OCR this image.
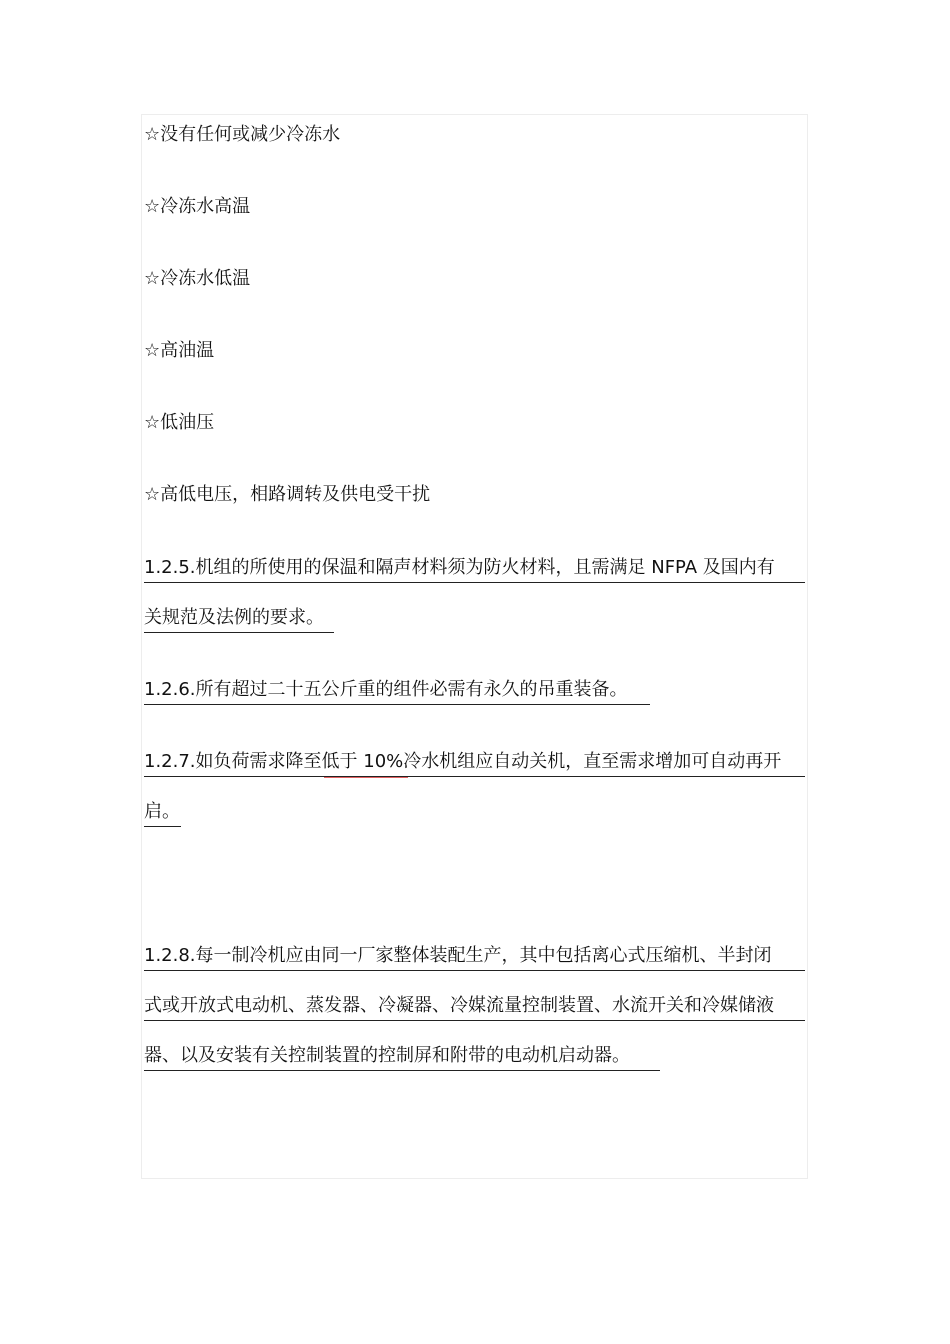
☆没有任何或减少冷冻水
☆冷冻水高温
☆冷冻水低温
☆高油温
☆低油压
☆高低电压，相路调转及供电受干扰
1.2.5.机组的所使用的保温和隔声材料须为防火材料，且需满足 NFPA 及国内有
关规范及法例的要求。
1.2.6.所有超过二十五公斤重的组件必需有永久的吊重装备。
1.2.7.如负荷需求降至低于 10%冷水机组应自动关机，直至需求增加可自动再开
启。
1.2.8.每一制冷机应由同一厂家整体装配生产，其中包括离心式压缩机、半封闭
式或开放式电动机、蒸发器、冷凝器、冷媒流量控制装置、水流开关和冷媒储液
器、以及安装有关控制装置的控制屏和附带的电动机启动器。
